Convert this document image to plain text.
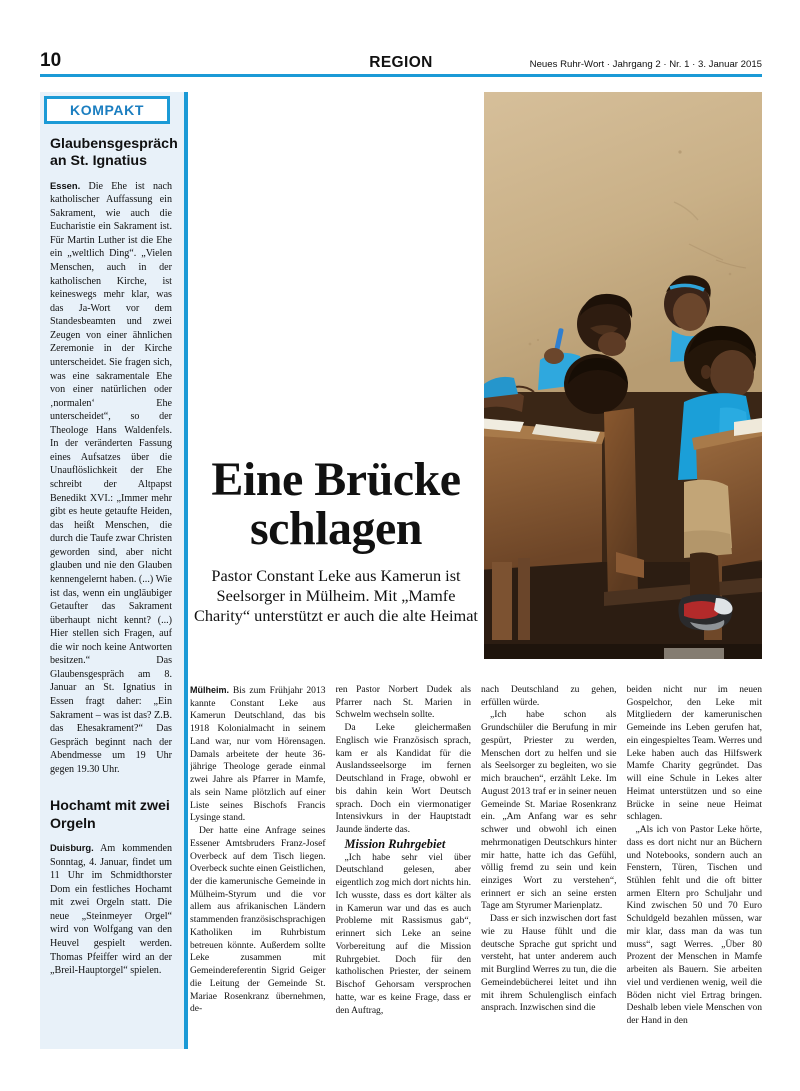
10	REGION	Neues Ruhr-Wort · Jahrgang 2 · Nr. 1 · 3. Januar 2015
KOMPAKT
Glaubensgespräch an St. Ignatius

Essen. Die Ehe ist nach katholischer Auffassung ein Sakrament, wie auch die Eucharistie ein Sakrament ist. Für Martin Luther ist die Ehe ein „weltlich Ding“. „Vielen Menschen, auch in der katholischen Kirche, ist keineswegs mehr klar, was das Ja-Wort vor dem Standesbeamten und zwei Zeugen von einer ähnlichen Zeremonie in der Kirche unterscheidet. Sie fragen sich, was eine sakramentale Ehe von einer natürlichen oder ‚normalen‘ Ehe unterscheidet“, so der Theologe Hans Waldenfels. In der veränderten Fassung eines Aufsatzes über die Unauflöslichkeit der Ehe schreibt der Altpapst Benedikt XVI.: „Immer mehr gibt es heute getaufte Heiden, das heißt Menschen, die durch die Taufe zwar Christen geworden sind, aber nicht glauben und nie den Glauben kennengelernt haben. (...) Wie ist das, wenn ein ungläubiger Getaufter das Sakrament überhaupt nicht kennt? (...) Hier stellen sich Fragen, auf die wir noch keine Antworten besitzen.“ Das Glaubensgespräch am 8. Januar an St. Ignatius in Essen fragt daher: „Ein Sakrament – was ist das? Z.B. das Ehesakrament?“ Das Gespräch beginnt nach der Abendmesse um 19 Uhr gegen 19.30 Uhr.

Hochamt mit zwei Orgeln

Duisburg. Am kommenden Sonntag, 4. Januar, findet um 11 Uhr im Schmidthorster Dom ein festliches Hochamt mit zwei Orgeln statt. Die neue „Steinmeyer Orgel“ wird von Wolfgang van den Heuvel gespielt werden. Thomas Pfeiffer wird an der „Breil-Hauptorgel“ spielen.

Eine Brücke
schlagen
Pastor Constant Leke aus Kamerun ist Seelsorger in Mülheim. Mit „Mamfe Charity“ unterstützt er auch die alte Heimat

Mülheim. Bis zum Frühjahr 2013 kannte Constant Leke aus Kamerun Deutschland, das bis 1918 Kolonialmacht in seinem Land war, nur vom Hörensagen. Damals arbeitete der heute 36-jährige Theologe gerade einmal zwei Jahre als Pfarrer in Mamfe, als sein Name plötzlich auf einer Liste seines Bischofs Francis Lysinge stand.

Der hatte eine Anfrage seines Essener Amtsbruders Franz-Josef Overbeck auf dem Tisch liegen. Overbeck suchte einen Geistlichen, der die kamerunische Gemeinde in Mülheim-Styrum und die vor allem aus afrikanischen Ländern stammenden französischsprachigen Katholiken im Ruhrbistum betreuen könnte. Außerdem sollte Leke zusammen mit Gemeindereferentin Sigrid Geiger die Leitung der Gemeinde St. Mariae Rosenkranz übernehmen, de-

ren Pastor Norbert Dudek als Pfarrer nach St. Marien in Schwelm wechseln sollte.

Da Leke gleichermaßen Englisch wie Französisch sprach, kam er als Kandidat für die Auslandsseelsorge im fernen Deutschland in Frage, obwohl er bis dahin kein Wort Deutsch sprach. Doch ein viermonatiger Intensivkurs in der Hauptstadt Jaunde änderte das.

Mission Ruhrgebiet

„Ich habe sehr viel über Deutschland gelesen, aber eigentlich zog mich dort nichts hin. Ich wusste, dass es dort kälter als in Kamerun war und das es auch Probleme mit Rassismus gab“, erinnert sich Leke an seine Vorbereitung auf die Mission Ruhrgebiet. Doch für den katholischen Priester, der seinem Bischof Gehorsam versprochen hatte, war es keine Frage, dass er den Auftrag,

nach Deutschland zu gehen, erfüllen würde.

„Ich habe schon als Grundschüler die Berufung in mir gespürt, Priester zu werden, Menschen dort zu helfen und sie als Seelsorger zu begleiten, wo sie mich brauchen“, erzählt Leke. Im August 2013 traf er in seiner neuen Gemeinde St. Mariae Rosenkranz ein. „Am Anfang war es sehr schwer und obwohl ich einen mehrmonatigen Deutschkurs hinter mir hatte, hatte ich das Gefühl, völlig fremd zu sein und kein einziges Wort zu verstehen“, erinnert er sich an seine ersten Tage am Styrumer Marienplatz.

Dass er sich inzwischen dort fast wie zu Hause fühlt und die deutsche Sprache gut spricht und versteht, hat unter anderem auch mit Burglind Werres zu tun, die die Gemeindebücherei leitet und ihn mit ihrem Schulenglisch einfach ansprach. Inzwischen sind die

beiden nicht nur im neuen Gospelchor, den Leke mit Mitgliedern der kamerunischen Gemeinde ins Leben gerufen hat, ein eingespieltes Team. Werres und Leke haben auch das Hilfswerk Mamfe Charity gegründet. Das will eine Schule in Lekes alter Heimat unterstützen und so eine Brücke in seine neue Heimat schlagen.

„Als ich von Pastor Leke hörte, dass es dort nicht nur an Büchern und Notebooks, sondern auch an Fenstern, Türen, Tischen und Stühlen fehlt und die oft bitter armen Eltern pro Schuljahr und Kind zwischen 50 und 70 Euro Schuldgeld bezahlen müssen, war mir klar, dass man da was tun muss“, sagt Werres. „Über 80 Prozent der Menschen in Mamfe arbeiten als Bauern. Sie arbeiten viel und verdienen wenig, weil die Böden nicht viel Ertrag bringen. Deshalb leben viele Menschen von der Hand in den
